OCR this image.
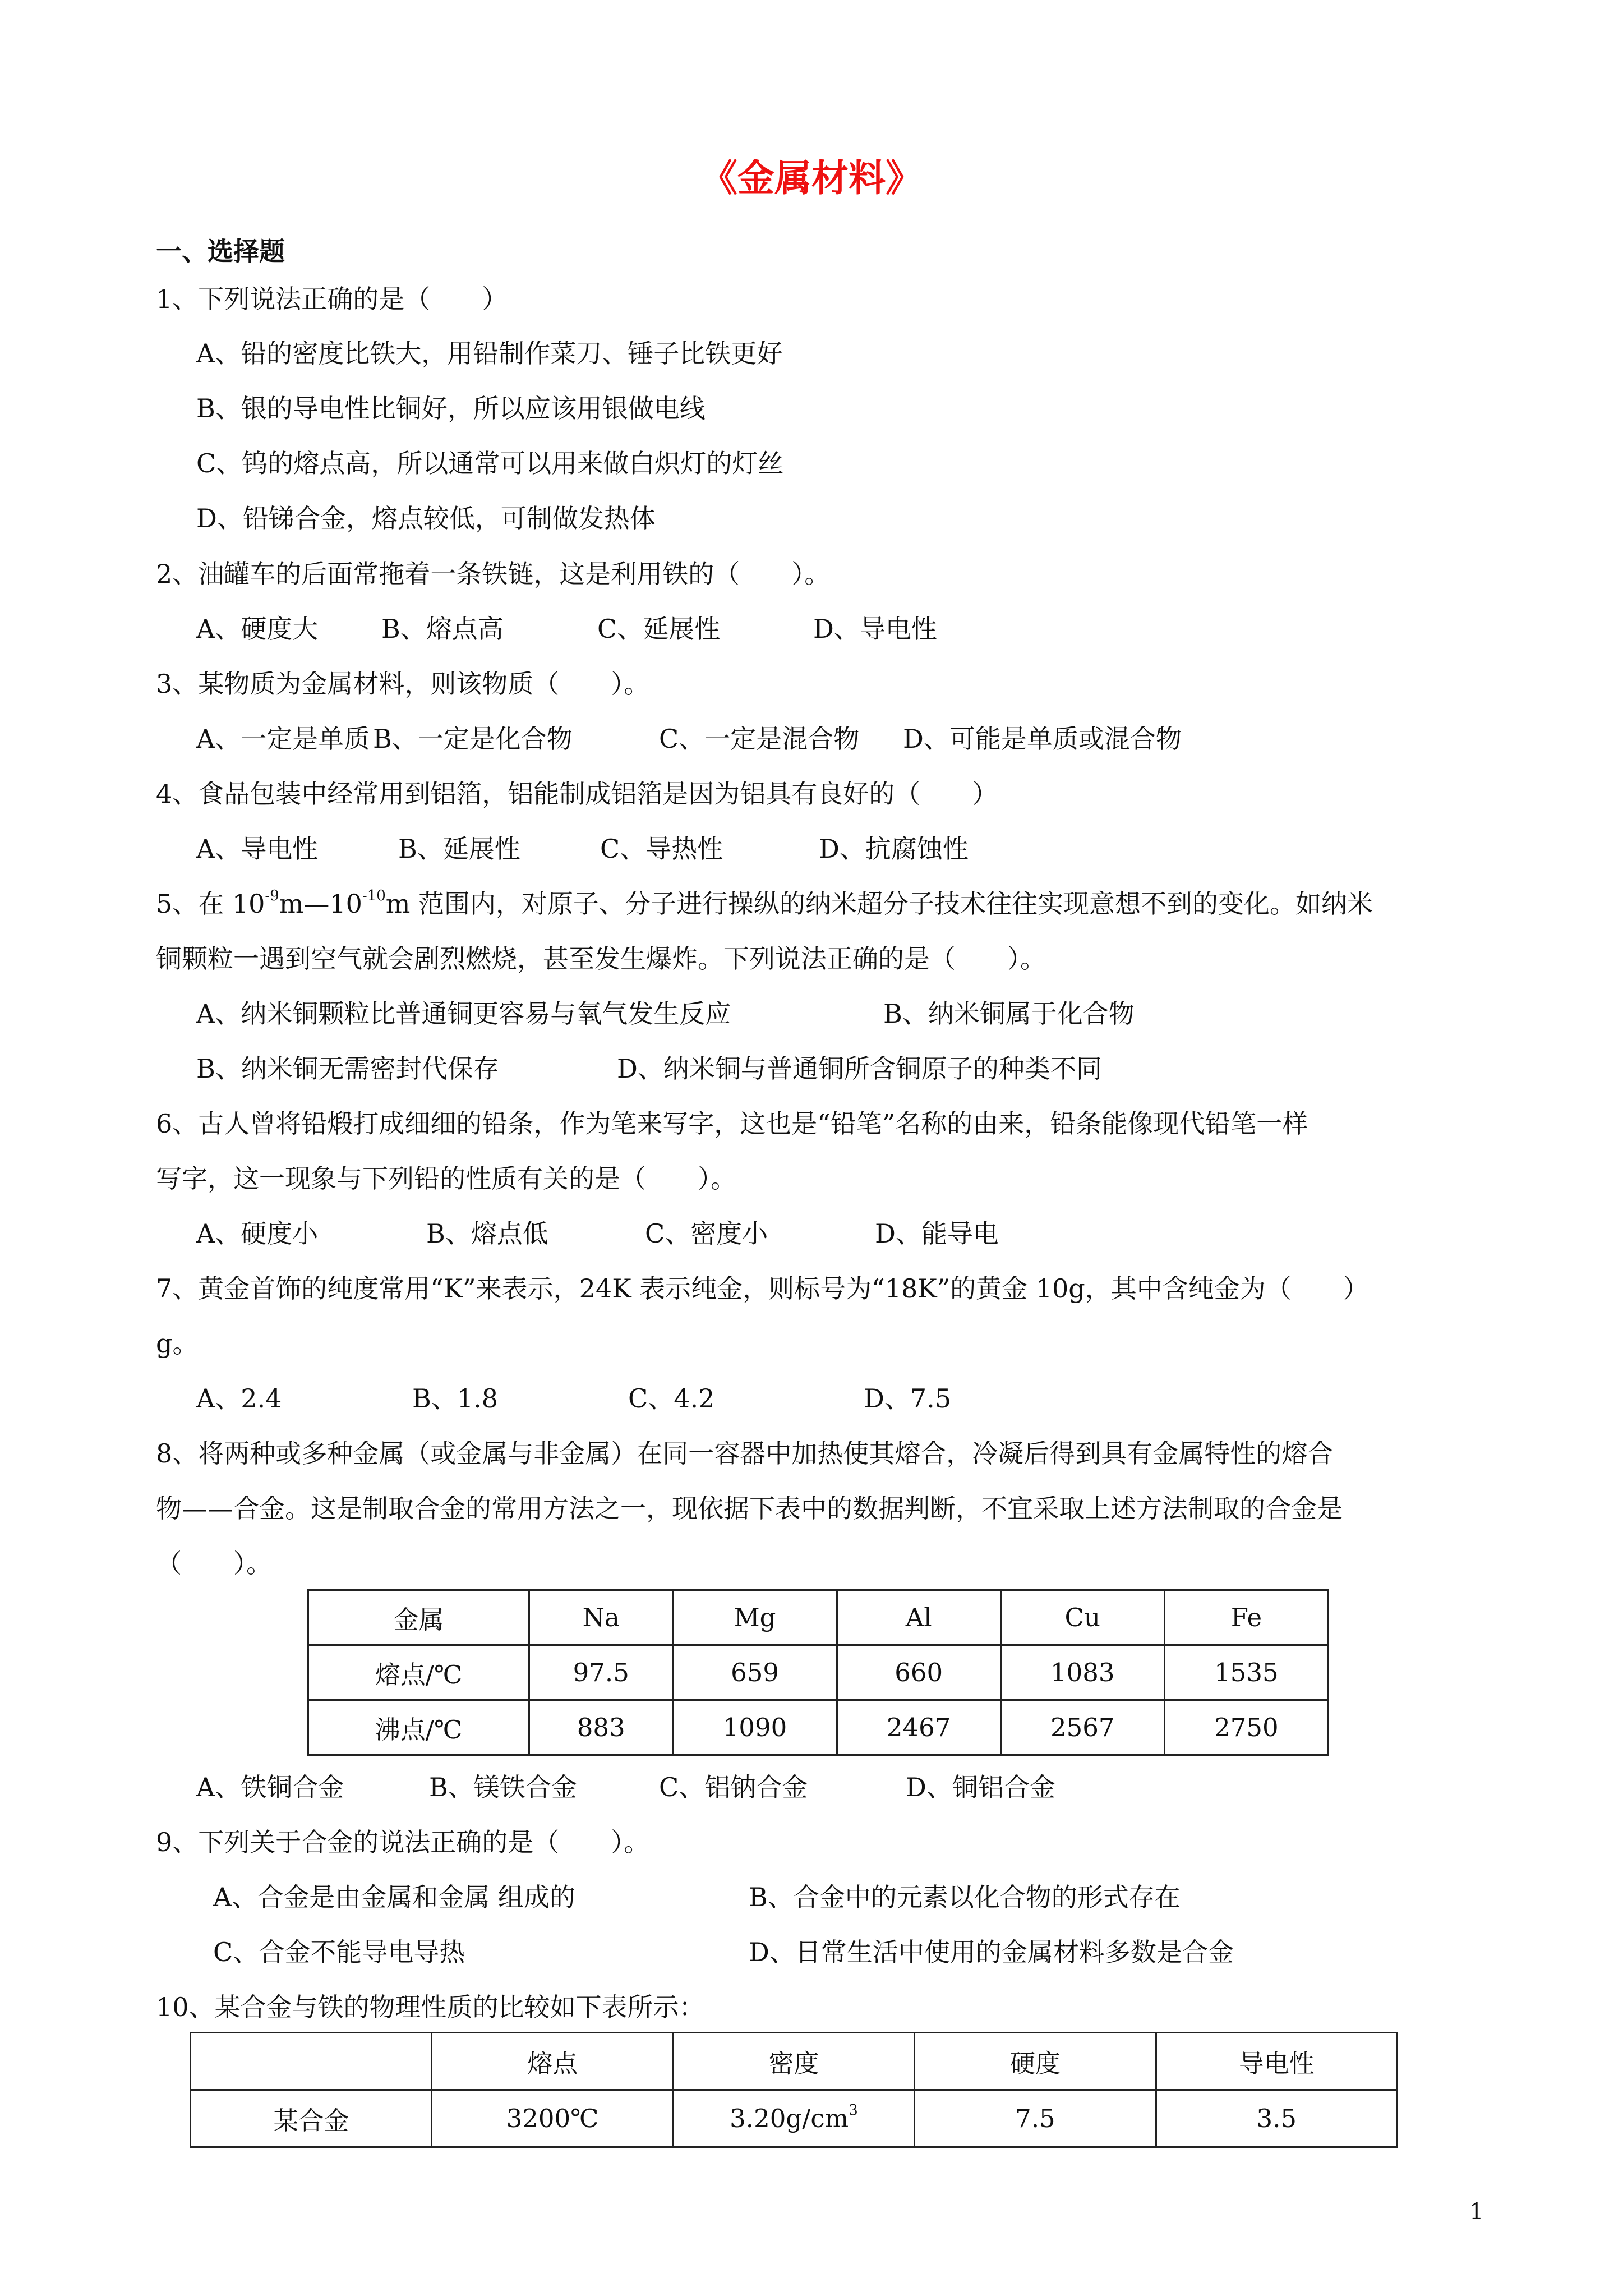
《金属材料》
一、选择题
1、下列说法正确的是（　　）
A、铅的密度比铁大，用铅制作菜刀、锤子比铁更好
B、银的导电性比铜好，所以应该用银做电线
C、钨的熔点高，所以通常可以用来做白炽灯的灯丝
D、铅锑合金，熔点较低，可制做发热体
2、油罐车的后面常拖着一条铁链，这是利用铁的（　　）。
A、硬度大 B、熔点高	C、延展性	D、导电性
3、某物质为金属材料，则该物质（　　）。
A、一定是单质 B、一定是化合物	C、一定是混合物 D、可能是单质或混合物
4、食品包装中经常用到铝箔，铝能制成铝箔是因为铝具有良好的（　　）
A、导电性	B、延展性	C、导热性	D、抗腐蚀性
5、在 $10^{-9}m—10^{-10}m$ 范围内，对原子、分子进行操纵的纳米超分子技术往往实现意想不到的变化。如纳米
铜颗粒一遇到空气就会剧烈燃烧，甚至发生爆炸。下列说法正确的是（　　）。
A、纳米铜颗粒比普通铜更容易与氧气发生反应	B、纳米铜属于化合物
B、纳米铜无需密封代保存	D、纳米铜与普通铜所含铜原子的种类不同
6、古人曾将铅煅打成细细的铅条，作为笔来写字，这也是“铅笔”名称的由来，铅条能像现代铅笔一样
写字，这一现象与下列铅的性质有关的是（　　）。
A、硬度小	B、熔点低	C、密度小	D、能导电
7、黄金首饰的纯度常用“K”来表示，24K 表示纯金，则标号为“18K”的黄金 10g，其中含纯金为（　　）
g。
A、2.4	B、1.8	C、4.2	D、7.5
8、将两种或多种金属（或金属与非金属）在同一容器中加热使其熔合，冷凝后得到具有金属特性的熔合
物——合金。这是制取合金的常用方法之一，现依据下表中的数据判断，不宜采取上述方法制取的合金是
（　　）。
金属	Na	Mg	Al	Cu	Fe
熔点/℃	97.5	659	660	1083	1535
沸点/℃	883	1090	2467	2567	2750
A、铁铜合金	B、镁铁合金	C、铝钠合金	D、铜铝合金
9、下列关于合金的说法正确的是（　　）。
A、合金是由金属和金属 组成的	B、合金中的元素以化合物的形式存在
C、合金不能导电导热	D、日常生活中使用的金属材料多数是合金
10、某合金与铁的物理性质的比较如下表所示：
	熔点	密度	硬度	导电性
某合金	3200℃	$3.20g/cm^3$	7.5	3.5
1
